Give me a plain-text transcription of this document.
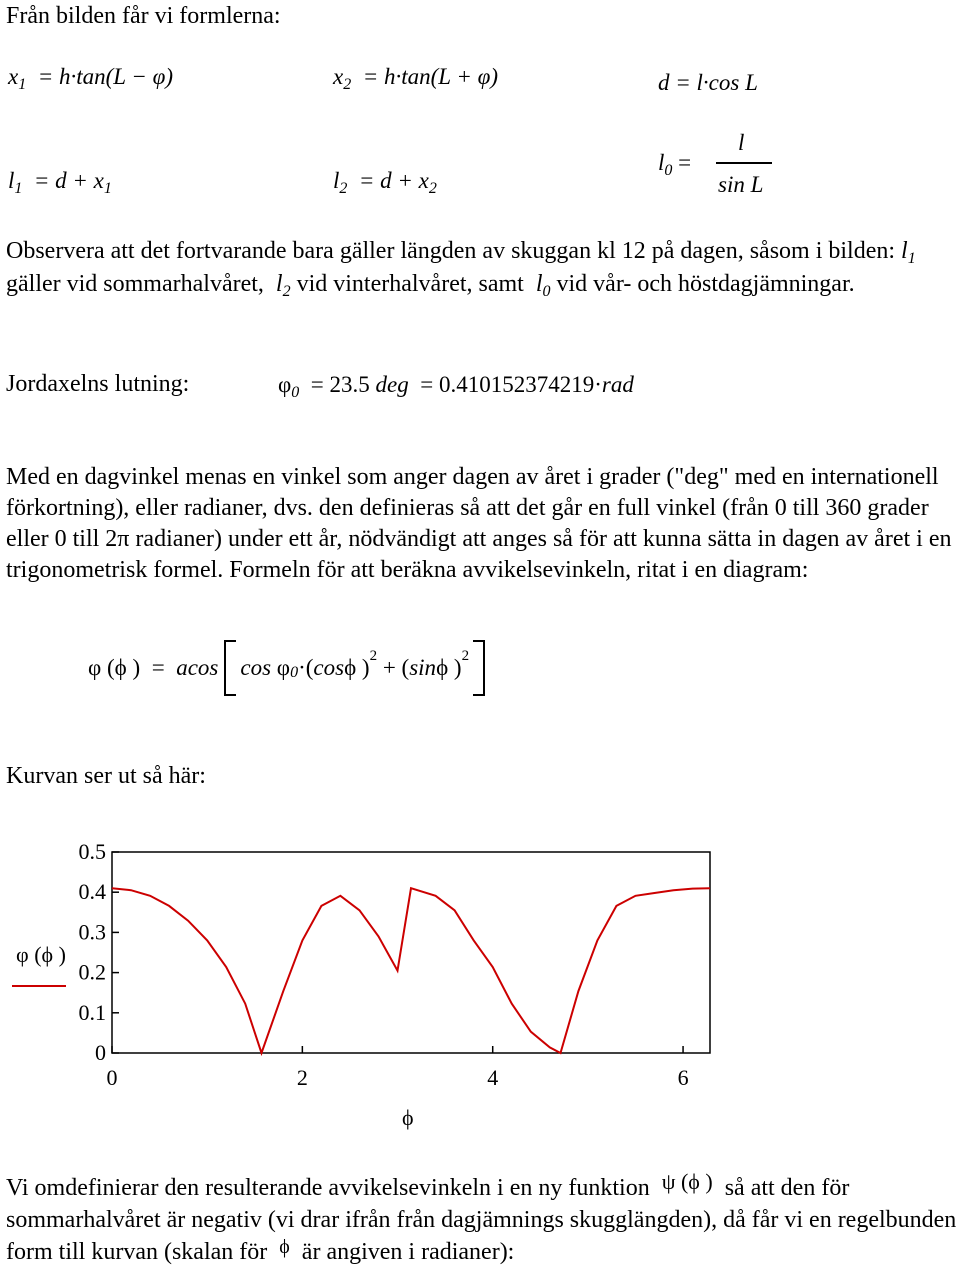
Från bilden får vi formlerna:
$x_1 = h\cdot\tan(L - \varphi)$	$x_2 = h\cdot\tan(L + \varphi)$	d = l·cos L
$l_1 = d + x_1$	$l_2 = d + x_2$
$l_0$ =
l
sin L

Observera att det fortvarande bara gäller längden av skuggan kl 12 på dagen, såsom i bilden: $l_1$ gäller vid sommarhalvåret, $l_2$ vid vinterhalvåret, samt $l_0$ vid vår- och höstdagjämningar.

Jordaxelns lutning:	$\varphi_0 = 23.5$ deg = 0.410152374219·rad

Med en dagvinkel menas en vinkel som anger dagen av året i grader ("deg" med en internationell förkortning), eller radianer, dvs. den definieras så att det går en full vinkel (från 0 till 360 grader eller 0 till 2π radianer) under ett år, nödvändigt att anges så för att kunna sätta in dagen av året i en trigonometrisk formel. Formeln för att beräkna avvikelsevinkeln, ritat i en diagram:

φ (ϕ )
=
acos cos
φ 0 ·( cos ϕ ) 2
+ ( sin ϕ ) 2
Kurvan ser ut så här:
0
0.1
0.2
0.3
0.4
0.5
0	2	4	6
φ (ϕ )
ϕ

Vi omdefinierar den resulterande avvikelsevinkeln i en ny funktion ψ (ϕ ) så att den för sommarhalvåret är negativ (vi drar ifrån från dagjämnings skugglängden), då får vi en regelbunden form till kurvan (skalan för $^\phi$ är angiven i radianer):
